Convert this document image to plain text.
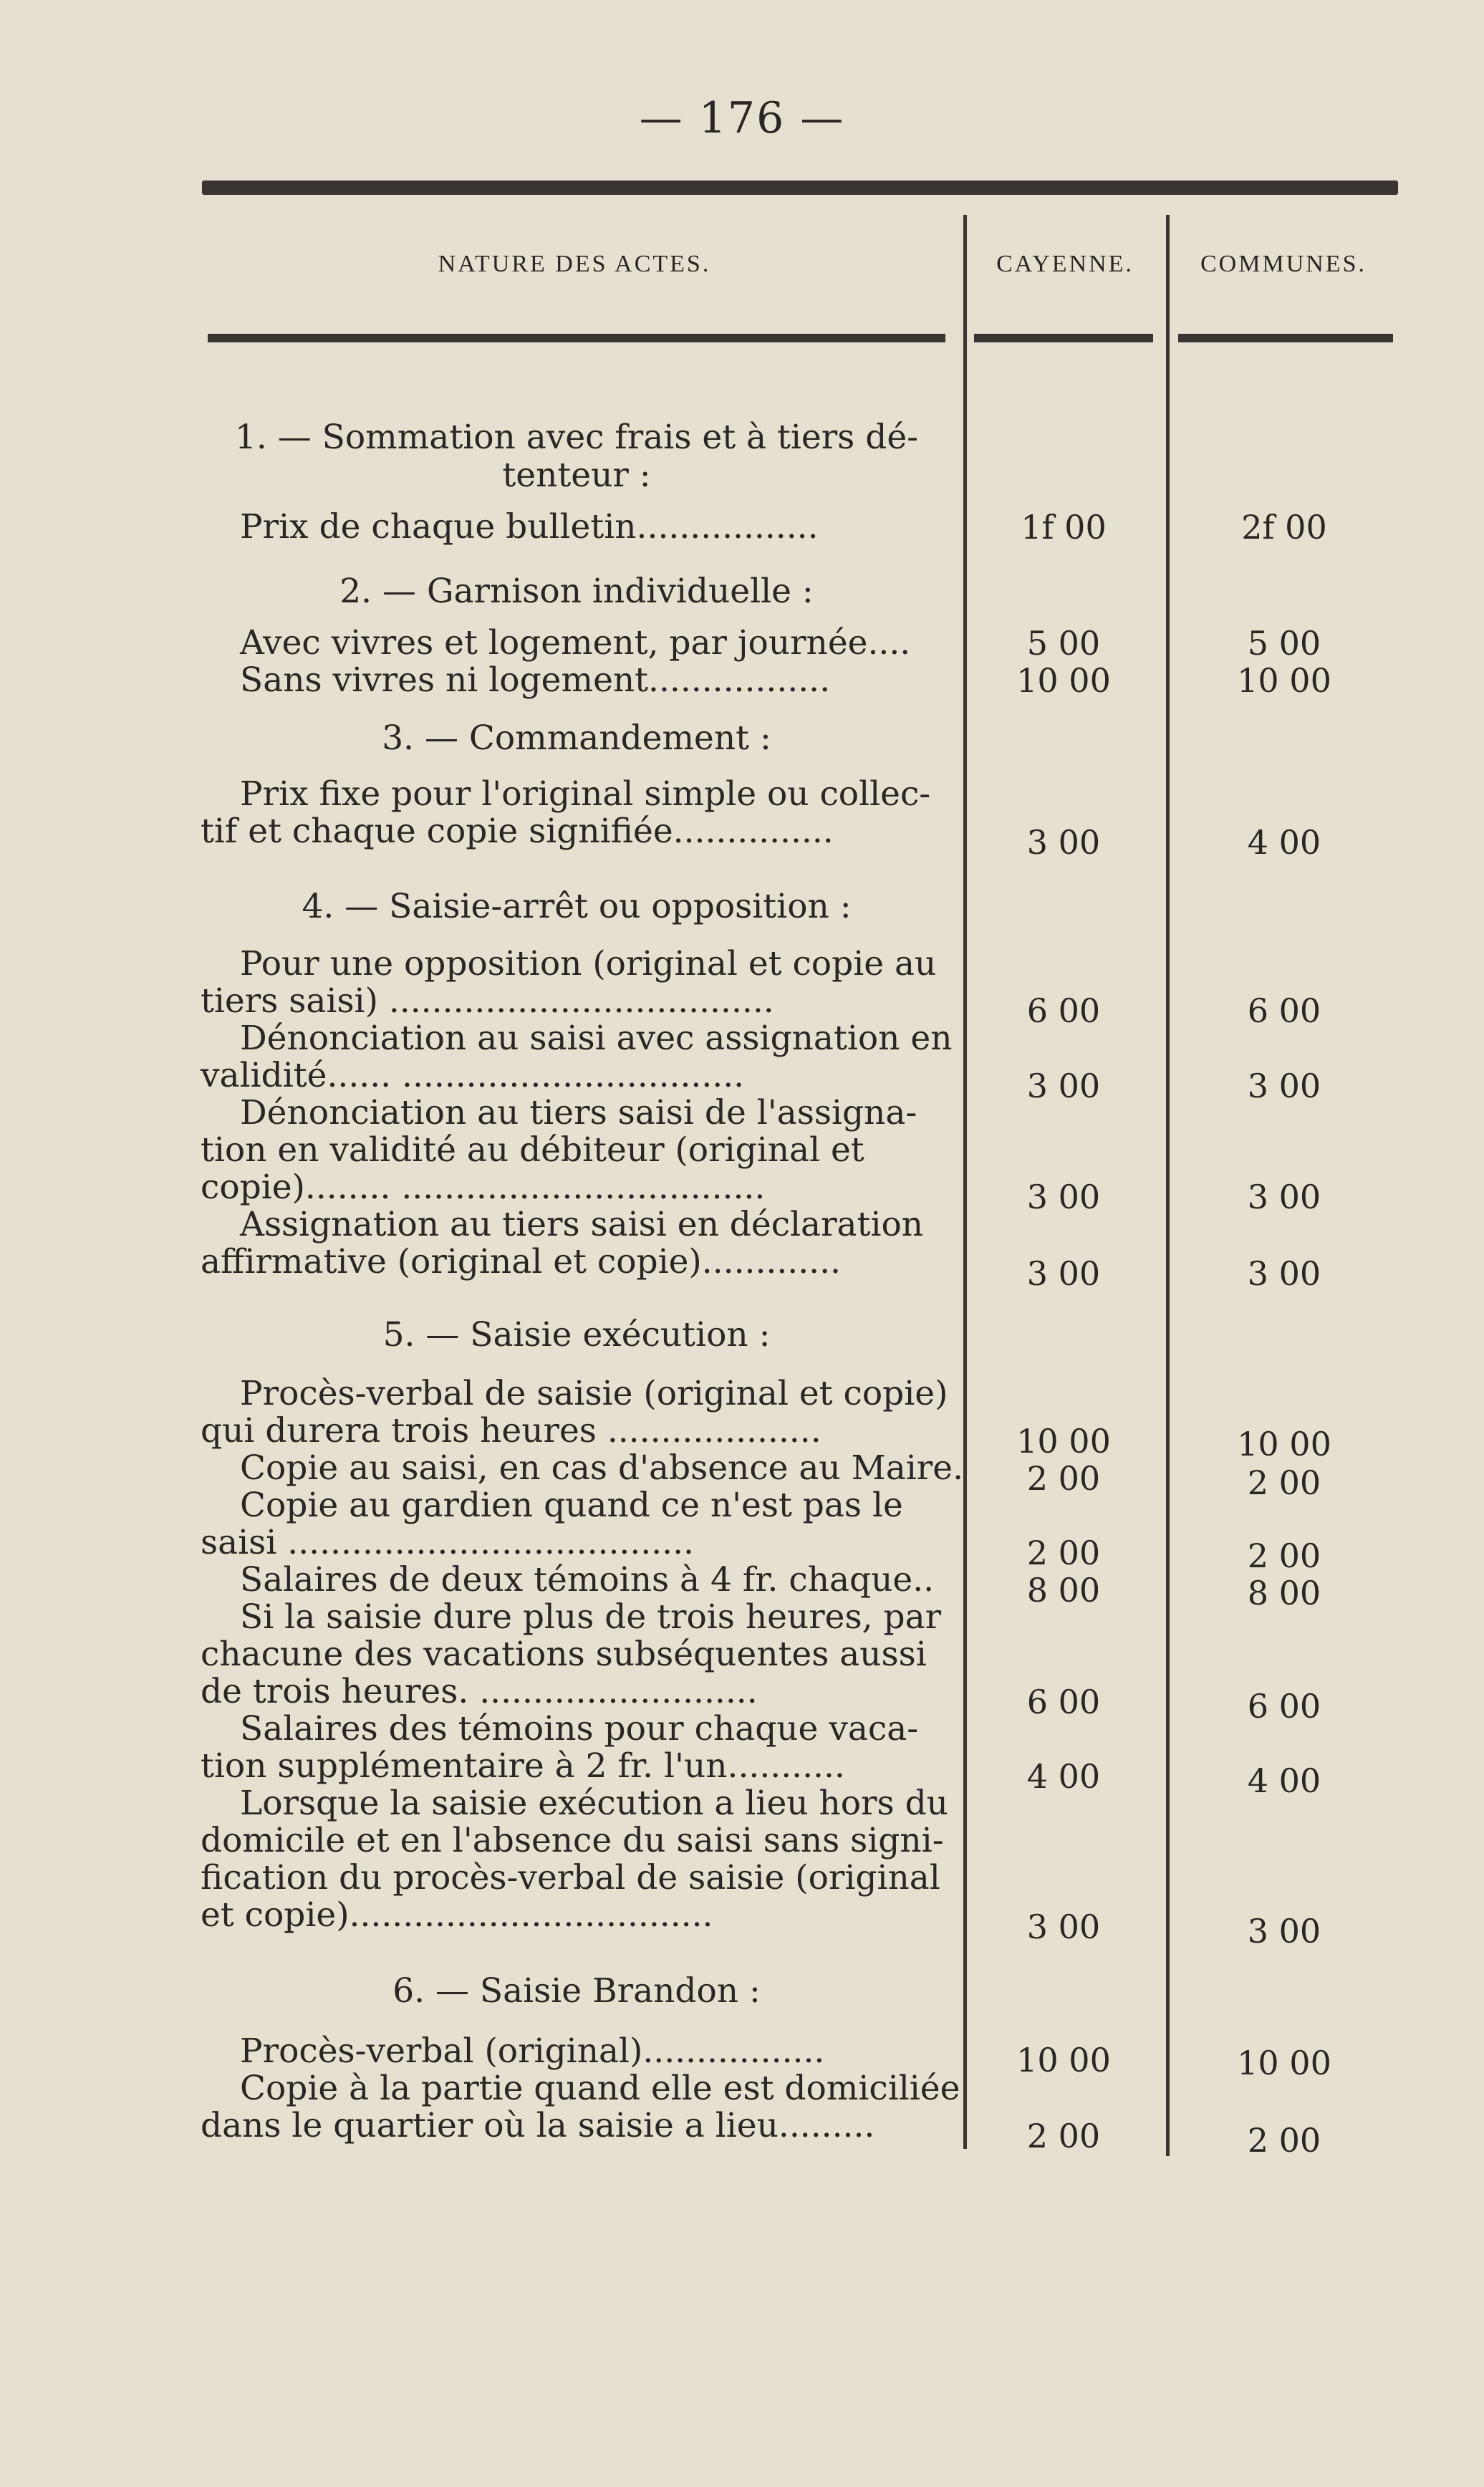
— 176 —
NATURE DES ACTES.	CAYENNE.	COMMUNES.
1. — Sommation avec frais et à tiers dé-
tenteur :
Prix de chaque bulletin.................	1f 00	2f 00
2. — Garnison individuelle :
Avec vivres et logement, par journée....	5 00	5 00
Sans vivres ni logement.................	10 00	10 00
3. — Commandement :
Prix fixe pour l'original simple ou collec-
tif et chaque copie signifiée...............	3 00	4 00
4. — Saisie-arrêt ou opposition :
Pour une opposition (original et copie au
tiers saisi) ....................................	6 00	6 00
Dénonciation au saisi avec assignation en
validité...... ................................	3 00	3 00
Dénonciation au tiers saisi de l'assigna-
tion en validité au débiteur (original et
copie)........ ..................................	3 00	3 00
Assignation au tiers saisi en déclaration
affirmative (original et copie).............	3 00	3 00
5. — Saisie exécution :
Procès-verbal de saisie (original et copie)
qui durera trois heures ....................	10 00	10 00
Copie au saisi, en cas d'absence au Maire.	2 00	2 00
Copie au gardien quand ce n'est pas le
saisi ......................................	2 00	2 00
Salaires de deux témoins à 4 fr. chaque..	8 00	8 00
Si la saisie dure plus de trois heures, par
chacune des vacations subséquentes aussi
de trois heures. ..........................	6 00	6 00
Salaires des témoins pour chaque vaca-
tion supplémentaire à 2 fr. l'un...........	4 00	4 00
Lorsque la saisie exécution a lieu hors du
domicile et en l'absence du saisi sans signi-
fication du procès-verbal de saisie (original
et copie)..................................	3 00	3 00
6. — Saisie Brandon :
Procès-verbal (original).................	10 00	10 00
Copie à la partie quand elle est domiciliée
dans le quartier où la saisie a lieu.........	2 00	2 00
